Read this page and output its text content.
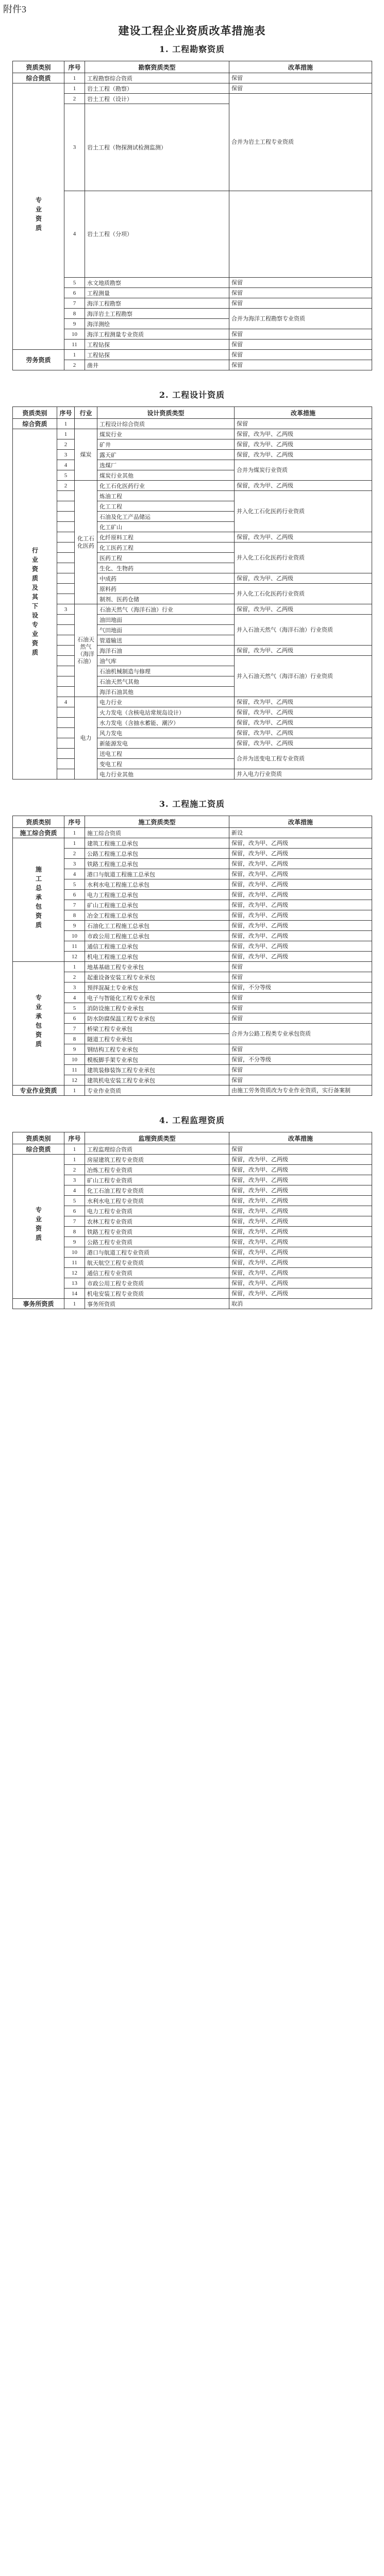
附件3
建设工程企业资质改革措施表
1. 工程勘察资质
资质类别	序号	勘察资质类型	改革措施	
综合资质	1	工程勘察综合资质	保留	
专业资质	1	岩土工程（勘察）	保留	
	2	岩土工程（设计）	合并为岩土工程专业资质	
	3	岩土工程（物探测试检测监测）	
	4	岩土工程（分项）		
	5	水文地质勘察	保留	
	6	工程测量	保留	
	7	海洋工程勘察	保留	
	8	海洋岩土工程勘察	合并为海洋工程勘察专业资质	
	9	海洋测绘		
	10	海洋工程测量专业资质	保留	
	11	工程钻探	保留	
劳务资质	1	工程钻探	保留	
	2	凿井	保留	
2. 工程设计资质
资质类别	序号	行业	设计资质类型	改革措施
综合资质	1		工程设计综合资质	保留
行业资质及其下设专业资质	1	煤炭	煤炭行业	保留，改为甲、乙两级
	2		矿井	保留，改为甲、乙两级
	3		露天矿	保留，改为甲、乙两级
	4		选煤厂	合并为煤炭行业资质
	5		煤炭行业其他	
	2	化工石化医药	化工石化医药行业	保留，改为甲、乙两级
			炼油工程	并入化工石化医药行业资质
			化工工程	
			石油及化工产品储运	
			化工矿山	
			化纤原料工程	保留，改为甲、乙两级
			化工医药工程	并入化工石化医药行业资质
			医药工程	
			生化、生物药	
			中成药	保留，改为甲、乙两级
			原料药	并入化工石化医药行业资质
			制剂、医药仓储	
	3	石油天然气（海洋石油）	石油天然气（海洋石油）行业	保留，改为甲、乙两级
			油田地面	并入石油天然气（海洋石油）行业资质
			气田地面	
			管道输送	
			海洋石油	保留，改为甲、乙两级
			油气库	并入石油天然气（海洋石油）行业资质
			石油机械制造与修理	
			石油天然气其他	
			海洋石油其他	
	4	电力	电力行业	保留，改为甲、乙两级
			火力发电（含核电站常规岛设计）	保留，改为甲、乙两级
			水力发电（含抽水蓄能、潮汐）	保留，改为甲、乙两级
			风力发电	保留，改为甲、乙两级
			新能源发电	保留，改为甲、乙两级
			送电工程	合并为送变电工程专业资质
			变电工程	
			电力行业其他	并入电力行业资质
3. 工程施工资质
资质类别	序号	施工资质类型	改革措施
施工综合资质	1	施工综合资质	新设
施工总承包资质	1	建筑工程施工总承包	保留，改为甲、乙两级
	2	公路工程施工总承包	保留，改为甲、乙两级
	3	铁路工程施工总承包	保留，改为甲、乙两级
	4	港口与航道工程施工总承包	保留，改为甲、乙两级
	5	水利水电工程施工总承包	保留，改为甲、乙两级
	6	电力工程施工总承包	保留，改为甲、乙两级
	7	矿山工程施工总承包	保留，改为甲、乙两级
	8	冶金工程施工总承包	保留，改为甲、乙两级
	9	石油化工工程施工总承包	保留，改为甲、乙两级
	10	市政公用工程施工总承包	保留，改为甲、乙两级
	11	通信工程施工总承包	保留，改为甲、乙两级
	12	机电工程施工总承包	保留，改为甲、乙两级
专业承包资质	1	地基基础工程专业承包	保留
	2	起重设备安装工程专业承包	保留
	3	预拌混凝土专业承包	保留，不分等级
	4	电子与智能化工程专业承包	保留
	5	消防设施工程专业承包	保留
	6	防水防腐保温工程专业承包	保留
	7	桥梁工程专业承包	合并为公路工程类专业承包资质
	8	隧道工程专业承包	
	9	钢结构工程专业承包	保留
	10	模板脚手架专业承包	保留，不分等级
	11	建筑装修装饰工程专业承包	保留
	12	建筑机电安装工程专业承包	保留
专业作业资质	1	专业作业资质	由施工劳务资质改为专业作业资质，实行备案制
4. 工程监理资质
资质类别	序号	监理资质类型	改革措施
综合资质	1	工程监理综合资质	保留
专业资质	1	房屋建筑工程专业资质	保留，改为甲、乙两级
	2	冶炼工程专业资质	保留，改为甲、乙两级
	3	矿山工程专业资质	保留，改为甲、乙两级
	4	化工石油工程专业资质	保留，改为甲、乙两级
	5	水利水电工程专业资质	保留，改为甲、乙两级
	6	电力工程专业资质	保留，改为甲、乙两级
	7	农林工程专业资质	保留，改为甲、乙两级
	8	铁路工程专业资质	保留，改为甲、乙两级
	9	公路工程专业资质	保留，改为甲、乙两级
	10	港口与航道工程专业资质	保留，改为甲、乙两级
	11	航天航空工程专业资质	保留，改为甲、乙两级
	12	通信工程专业资质	保留，改为甲、乙两级
	13	市政公用工程专业资质	保留，改为甲、乙两级
	14	机电安装工程专业资质	保留，改为甲、乙两级
事务所资质	1	事务所资质	取消
